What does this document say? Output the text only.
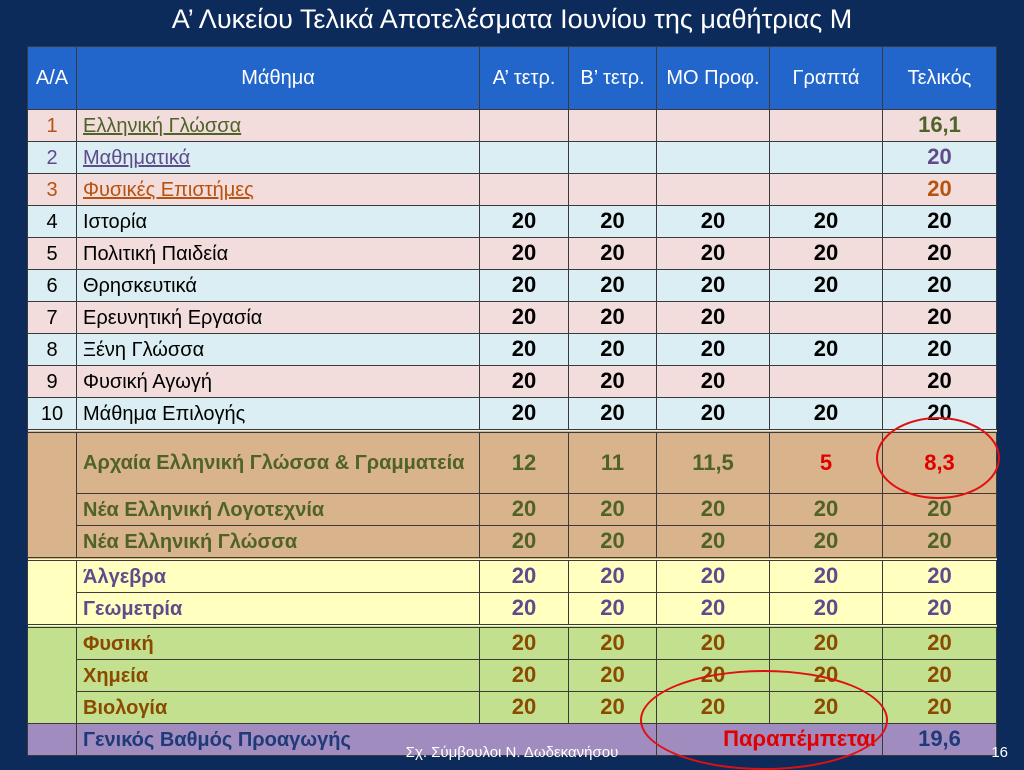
Α’ Λυκείου Τελικά Αποτελέσματα Ιουνίου της μαθήτριας Μ
Α/Α	Μάθημα	Α’ τετρ.	Β’ τετρ.	ΜΟ Προφ.	Γραπτά	Τελικός
1	Ελληνική Γλώσσα					16,1
2	Μαθηματικά					20
3	Φυσικές Επιστήμες					20
4	Ιστορία	20	20	20	20	20
5	Πολιτική Παιδεία	20	20	20	20	20
6	Θρησκευτικά	20	20	20	20	20
7	Ερευνητική Εργασία	20	20	20		20
8	Ξένη Γλώσσα	20	20	20	20	20
9	Φυσική Αγωγή	20	20	20		20
10	Μάθημα Επιλογής	20	20	20	20	20
	Αρχαία Ελληνική Γλώσσα & Γραμματεία	12	11	11,5	5	8,3
	Νέα Ελληνική Λογοτεχνία	20	20	20	20	20
	Νέα Ελληνική Γλώσσα	20	20	20	20	20
	Άλγεβρα	20	20	20	20	20
	Γεωμετρία	20	20	20	20	20
	Φυσική	20	20	20	20	20
	Χημεία	20	20	20	20	20
	Βιολογία	20	20	20	20	20
	Γενικός Βαθμός Προαγωγής			Παραπέμπεται		19,6
Σχ. Σύμβουλοι Ν. Δωδεκανήσου	16
